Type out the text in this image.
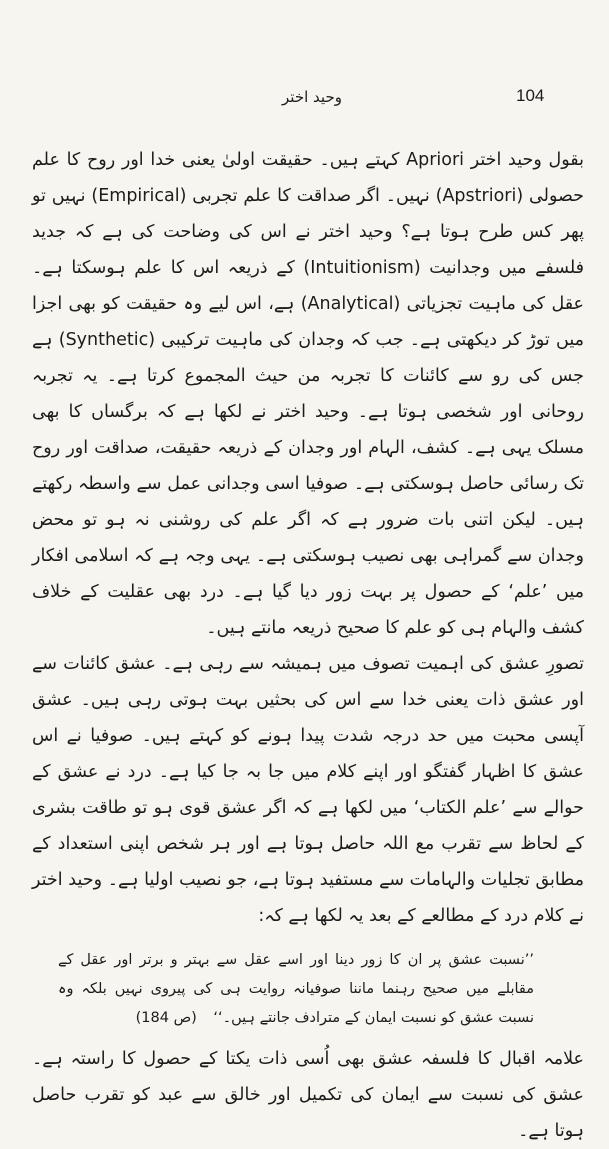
104
وحید اختر

بقول وحید اختر Apriori کہتے ہیں۔ حقیقت اولیٰ یعنی خدا اور روح کا علم حصولی (Apstriori) نہیں۔ اگر صداقت کا علم تجربی (Empirical) نہیں تو پھر کس طرح ہوتا ہے؟ وحید اختر نے اس کی وضاحت کی ہے کہ جدید فلسفے میں وجدانیت (Intuitionism) کے ذریعہ اس کا علم ہوسکتا ہے۔ عقل کی ماہیت تجزیاتی (Analytical) ہے، اس لیے وہ حقیقت کو بھی اجزا میں توڑ کر دیکھتی ہے۔ جب کہ وجدان کی ماہیت ترکیبی (Synthetic) ہے جس کی رو سے کائنات کا تجربہ من حیث المجموع کرتا ہے۔ یہ تجربہ روحانی اور شخصی ہوتا ہے۔ وحید اختر نے لکھا ہے کہ برگساں کا بھی مسلک یہی ہے۔ کشف، الہام اور وجدان کے ذریعہ حقیقت، صداقت اور روح تک رسائی حاصل ہوسکتی ہے۔ صوفیا اسی وجدانی عمل سے واسطہ رکھتے ہیں۔ لیکن اتنی بات ضرور ہے کہ اگر علم کی روشنی نہ ہو تو محض وجدان سے گمراہی بھی نصیب ہوسکتی ہے۔ یہی وجہ ہے کہ اسلامی افکار میں ’علم‘ کے حصول پر بہت زور دیا گیا ہے۔ درد بھی عقلیت کے خلاف کشف والہام ہی کو علم کا صحیح ذریعہ مانتے ہیں۔

تصورِ عشق کی اہمیت تصوف میں ہمیشہ سے رہی ہے۔ عشق کائنات سے اور عشق ذات یعنی خدا سے اس کی بحثیں بہت ہوتی رہی ہیں۔ عشق آپسی محبت میں حد درجہ شدت پیدا ہونے کو کہتے ہیں۔ صوفیا نے اس عشق کا اظہار گفتگو اور اپنے کلام میں جا بہ جا کیا ہے۔ درد نے عشق کے حوالے سے ’علم الکتاب‘ میں لکھا ہے کہ اگر عشق قوی ہو تو طاقت بشری کے لحاظ سے تقرب مع اللہ حاصل ہوتا ہے اور ہر شخص اپنی استعداد کے مطابق تجلیات والہامات سے مستفید ہوتا ہے، جو نصیب اولیا ہے۔ وحید اختر نے کلام درد کے مطالعے کے بعد یہ لکھا ہے کہ:

’’نسبت عشق پر ان کا زور دینا اور اسے عقل سے بہتر و برتر اور عقل کے مقابلے میں صحیح رہنما ماننا صوفیانہ روایت ہی کی پیروی نہیں بلکہ وہ نسبت عشق کو نسبت ایمان کے مترادف جانتے ہیں۔‘‘ (ص 184)

علامہ اقبال کا فلسفہ عشق بھی اُسی ذات یکتا کے حصول کا راستہ ہے۔ عشق کی نسبت سے ایمان کی تکمیل اور خالق سے عبد کو تقرب حاصل ہوتا ہے۔
